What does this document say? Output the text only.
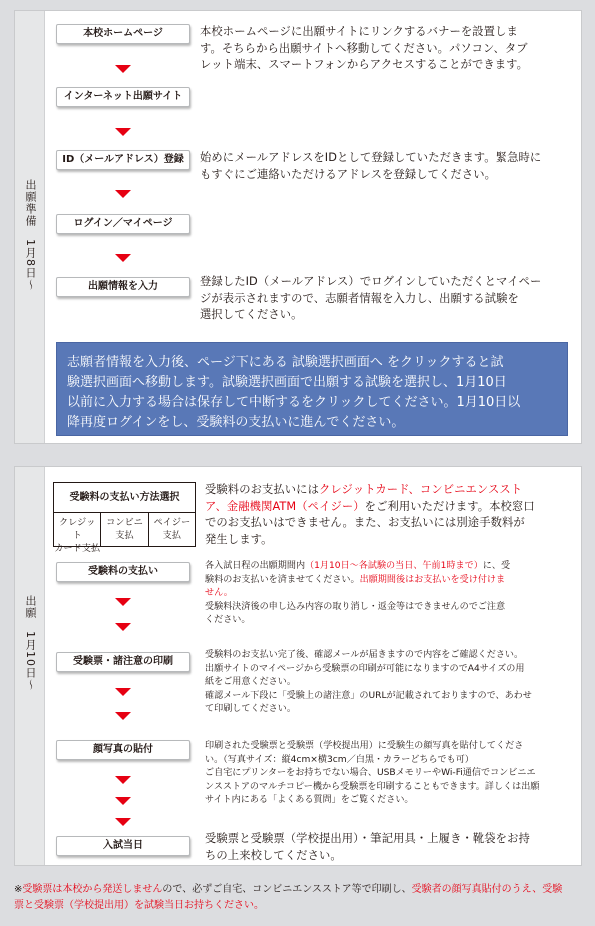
出願準備　1月8日〜
本校ホームページ
インターネット出願サイト
ID（メールアドレス）登録
ログイン／マイページ
出願情報を入力
本校ホームページに出願サイトにリンクするバナーを設置しま
す。そちらから出願サイトへ移動してください。パソコン、タブ
レット端末、スマートフォンからアクセスすることができます。
始めにメールアドレスをIDとして登録していただきます。緊急時に
もすぐにご連絡いただけるアドレスを登録してください。
登録したID（メールアドレス）でログインしていただくとマイペー
ジが表示されますので、志願者情報を入力し、出願する試験を
選択してください。
志願者情報を入力後、ページ下にある 試験選択画面へ をクリックすると試
験選択画面へ移動します。試験選択画面で出願する試験を選択し、1月10日
以前に入力する場合は保存して中断するをクリックしてください。1月10日以
降再度ログインをし、受験料の支払いに進んでください。
出願　1月10日〜
受験料の支払い方法選択
クレジッ ト
カード支払
コンビニ
支払
ペイジー
支払
受験料のお支払いにはクレジットカード、コンビニエンススト
ア、金融機関ATM（ペイジー）をご利用いただけます。本校窓口
でのお支払いはできません。また、お支払いには別途手数料が
発生します。
受験料の支払い
受験票・諸注意の印刷
顔写真の貼付
各入試日程の出願期間内（1月10日〜各試験の当日、午前1時まで）に、受
験料のお支払いを済ませてください。出願期間後はお支払いを受け付けま
せん。
受験料決済後の申し込み内容の取り消し・返金等はできませんのでご注意
ください。
受験料のお支払い完了後、確認メールが届きますので内容をご確認ください。
出願サイトのマイページから受験票の印刷が可能になりますのでA4サイズの用
紙をご用意ください。
確認メール下段に「受験上の諸注意」のURLが記載されておりますので、あわせ
て印刷してください。
印刷された受験票と受験票（学校提出用）に受験生の顔写真を貼付してくださ
い。（写真サイズ：縦4cm×横3cm／白黒・カラーどちらでも可）
ご自宅にプリンターをお持ちでない場合、USBメモリーやWi-Fi通信でコンビニエ
ンスストアのマルチコピー機から受験票を印刷することもできます。詳しくは出願
サイト内にある「よくある質問」をご覧ください。
入試当日
受験票と受験票（学校提出用）・筆記用具・上履き・靴袋をお持
ちの上来校してください。
※受験票は本校から発送しませんので、必ずご自宅、コンビニエンスストア等で印刷し、受験者の顔写真貼付のうえ、受験
票と受験票（学校提出用）を試験当日お持ちください。
